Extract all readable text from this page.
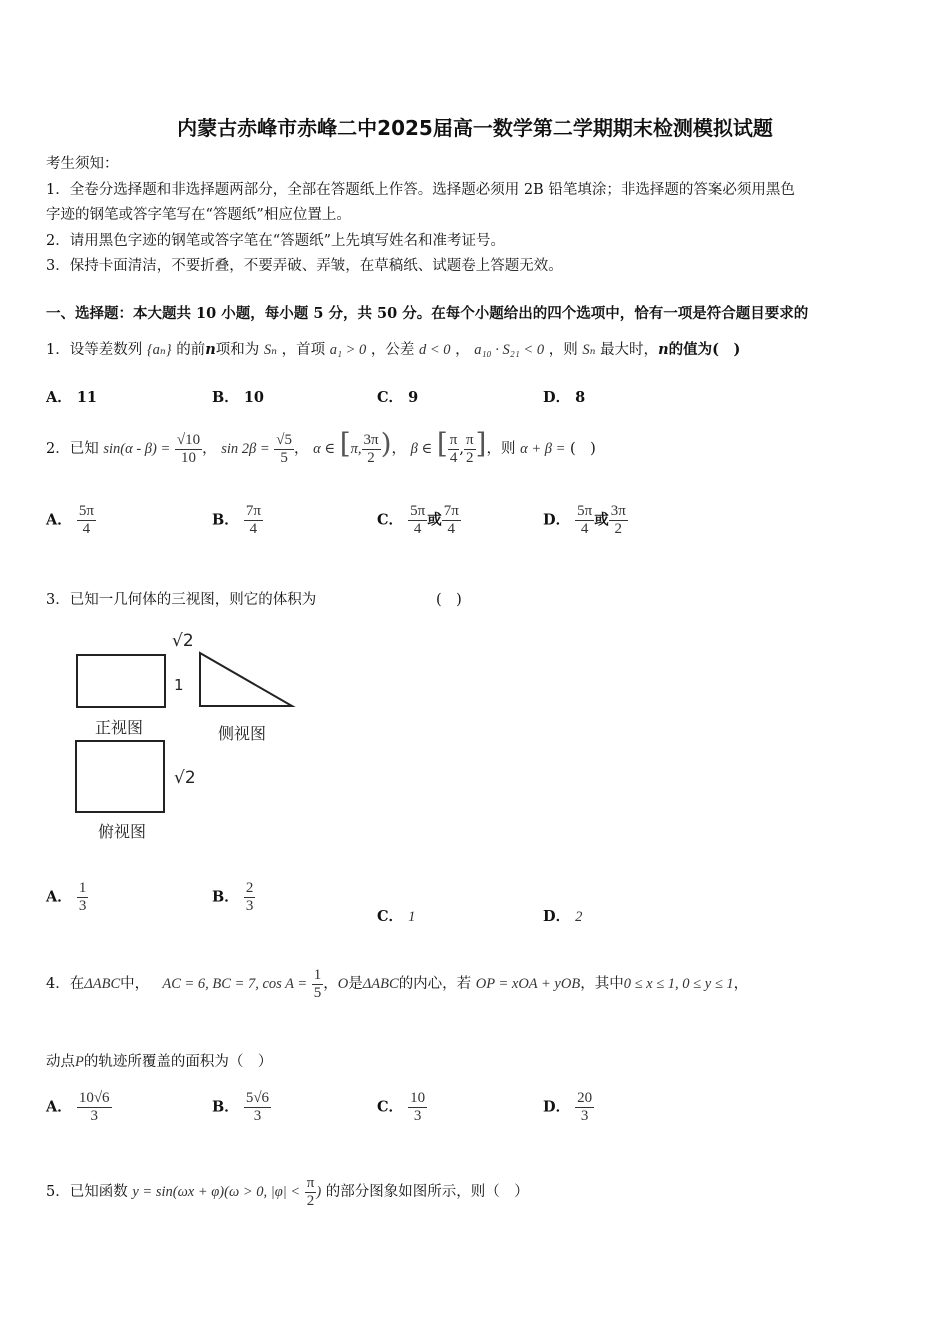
内蒙古赤峰市赤峰二中2025届高一数学第二学期期末检测模拟试题
考生须知：
1．全卷分选择题和非选择题两部分，全部在答题纸上作答。选择题必须用 2B 铅笔填涂；非选择题的答案必须用黑色
字迹的钢笔或答字笔写在“答题纸”相应位置上。
2．请用黑色字迹的钢笔或答字笔在“答题纸”上先填写姓名和准考证号。
3．保持卡面清洁，不要折叠，不要弄破、弄皱，在草稿纸、试题卷上答题无效。
一、选择题：本大题共 10 小题，每小题 5 分，共 50 分。在每个小题给出的四个选项中，恰有一项是符合题目要求的
1．设等差数列 {aₙ} 的前n项和为 Sₙ ，首项 a₁ > 0 ，公差 d < 0 ， a₁₀ · S₂₁ < 0 ，则 Sₙ 最大时，n的值为(　)
A． 11	B． 10	C． 9	D． 8
2．已知 $\sin(\alpha - \beta) = \frac{√10}{10}$ ， $\sin 2\beta = \frac{√5}{5}$ ， α ∈ [π, $\frac{3\pi}{2}$ )， β ∈ [ $\frac{\pi}{4}$ , $\frac{\pi}{2}$ ]，则 α + β = (　)
A． $\frac{5\pi}{4}$	B． $\frac{7\pi}{4}$	C． $\frac{5\pi}{4}$ 或 $\frac{7\pi}{4}$	D． $\frac{5\pi}{4}$ 或 $\frac{3\pi}{2}$
3．已知一几何体的三视图，则它的体积为	(　)
√2
1
正视图	侧视图
√2
俯视图
A． $\frac{1}{3}$	B． $\frac{2}{3}$
C． 1	D． 2
4．在ΔABC中， AC = 6, BC = 7, $\cos A = \frac{1}{5}$ ，O是ΔABC的内心，若 OP = xOA + yOB，其中0 ≤ x ≤ 1, 0 ≤ y ≤ 1，
动点P的轨迹所覆盖的面积为（　）
A． $\frac{10√6}{3}$	B． $\frac{5√6}{3}$	C． $\frac{10}{3}$	D． $\frac{20}{3}$
5．已知函数 y = sin(ωx + φ)(ω > 0, $|\varphi| < \frac{\pi}{2}$ ) 的部分图象如图所示，则（　）
